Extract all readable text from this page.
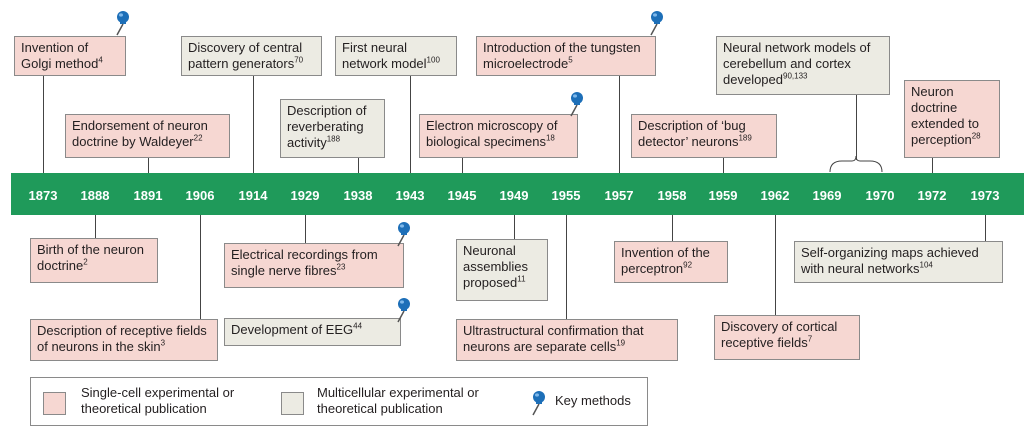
1873 1888 1891 1906 1914 1929 1938 1943 1945 1949 1955 1957 1958 1959 1962 1969 1970 1972 1973
Invention of Golgi method$^4$
Endorsement of neuron doctrine by Waldeyer$^{22}$
Discovery of central pattern generators$^{70}$
Description of reverberating activity$^{188}$
First neural network model$^{100}$
Introduction of the tungsten microelectrode$^5$
Electron microscopy of biological specimens$^{18}$
Description of ‘bug detector’ neurons$^{189}$
Neural network models of cerebellum and cortex developed$^{90,133}$
Neuron doctrine extended to perception$^{28}$
Birth of the neuron doctrine$^2$
Description of receptive fields of neurons in the skin$^3$
Electrical recordings from single nerve fibres$^{23}$
Development of EEG$^{44}$
Neuronal assemblies proposed$^{11}$
Ultrastructural confirmation that neurons are separate cells$^{19}$
Invention of the perceptron$^{92}$
Discovery of cortical receptive fields$^7$
Self-organizing maps achieved with neural networks$^{104}$
Single-cell experimental or theoretical publication
Multicellular experimental or theoretical publication
Key methods
